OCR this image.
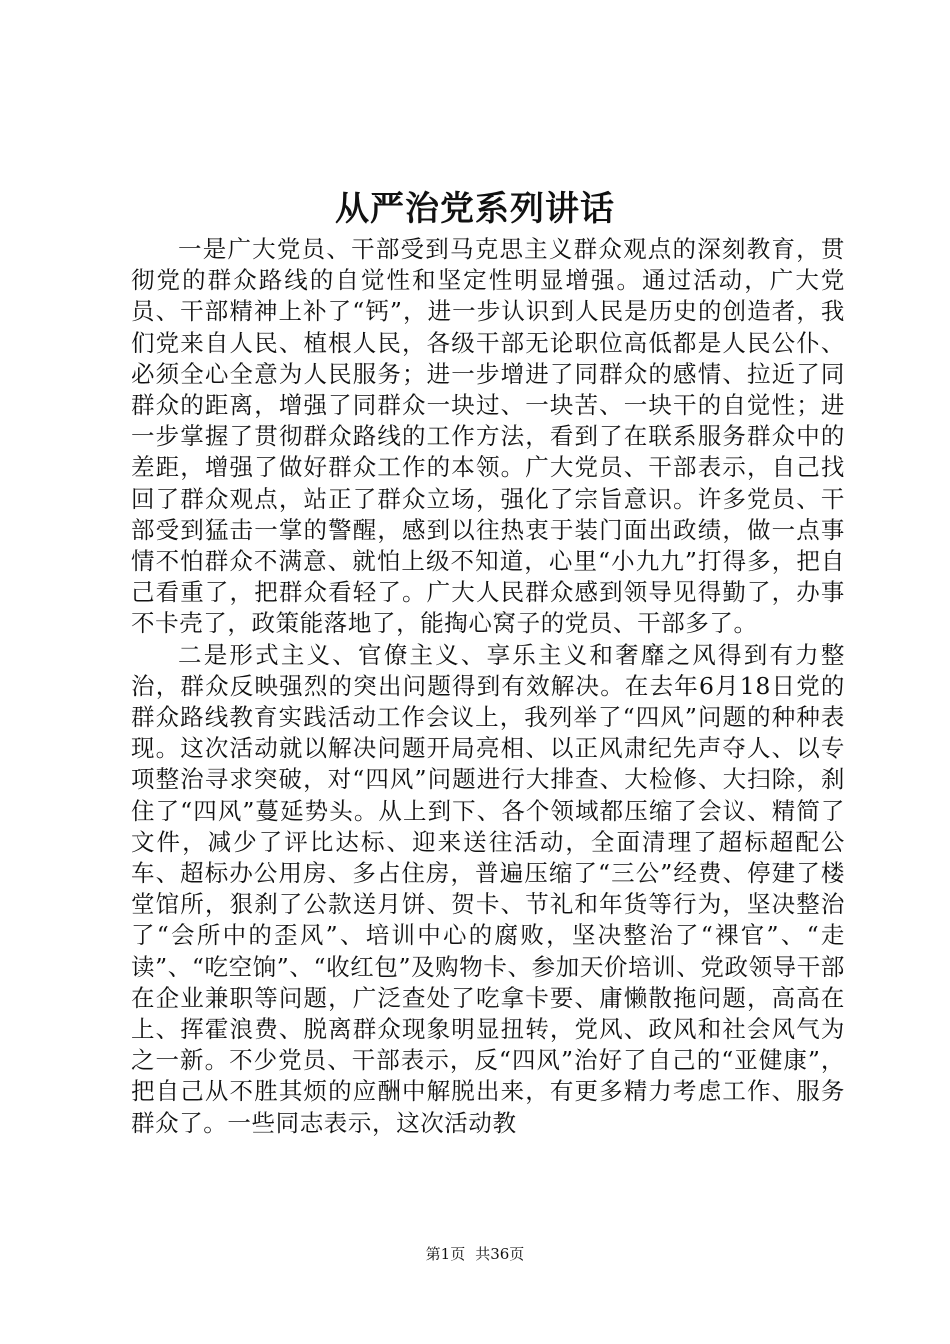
从严治党系列讲话

一是广大党员、干部受到马克思主义群众观点的深刻教育，贯彻党的群众路线的自觉性和坚定性明显增强。通过活动，广大党员、干部精神上补了“钙”，进一步认识到人民是历史的创造者，我们党来自人民、植根人民，各级干部无论职位高低都是人民公仆、必须全心全意为人民服务；进一步增进了同群众的感情、拉近了同群众的距离，增强了同群众一块过、一块苦、一块干的自觉性；进一步掌握了贯彻群众路线的工作方法，看到了在联系服务群众中的差距，增强了做好群众工作的本领。广大党员、干部表示，自己找回了群众观点，站正了群众立场，强化了宗旨意识。许多党员、干部受到猛击一掌的警醒，感到以往热衷于装门面出政绩，做一点事情不怕群众不满意、就怕上级不知道，心里“小九九”打得多，把自己看重了，把群众看轻了。广大人民群众感到领导见得勤了，办事不卡壳了，政策能落地了，能掏心窝子的党员、干部多了。

二是形式主义、官僚主义、享乐主义和奢靡之风得到有力整治，群众反映强烈的突出问题得到有效解决。在去年6月18日党的群众路线教育实践活动工作会议上，我列举了“四风”问题的种种表现。这次活动就以解决问题开局亮相、以正风肃纪先声夺人、以专项整治寻求突破，对“四风”问题进行大排查、大检修、大扫除，刹住了“四风”蔓延势头。从上到下、各个领域都压缩了会议、精简了文件，减少了评比达标、迎来送往活动，全面清理了超标超配公车、超标办公用房、多占住房，普遍压缩了“三公”经费、停建了楼堂馆所，狠刹了公款送月饼、贺卡、节礼和年货等行为，坚决整治了“会所中的歪风”、培训中心的腐败，坚决整治了“裸官”、“走读”、“吃空饷”、“收红包”及购物卡、参加天价培训、党政领导干部在企业兼职等问题，广泛查处了吃拿卡要、庸懒散拖问题，高高在上、挥霍浪费、脱离群众现象明显扭转，党风、政风和社会风气为之一新。不少党员、干部表示，反“四风”治好了自己的“亚健康”，把自己从不胜其烦的应酬中解脱出来，有更多精力考虑工作、服务群众了。一些同志表示，这次活动教

第1页 共36页
